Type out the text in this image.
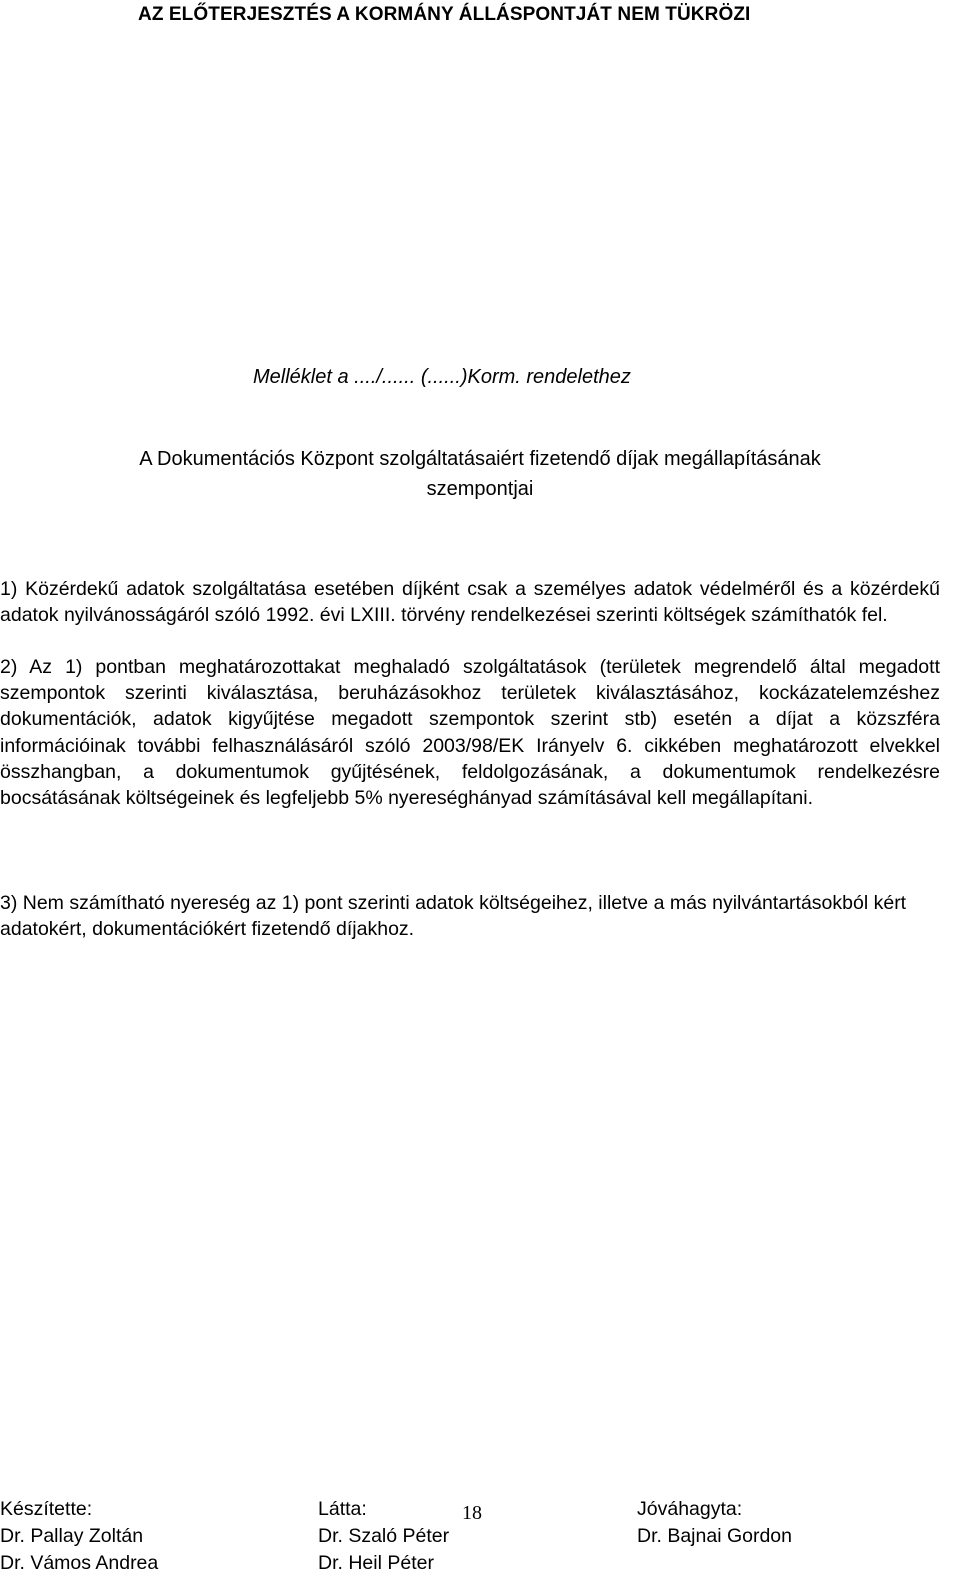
AZ ELŐTERJESZTÉS A KORMÁNY ÁLLÁSPONTJÁT NEM TÜKRÖZI
Melléklet a ..../...... (......)Korm. rendelethez
A Dokumentációs Központ szolgáltatásaiért fizetendő díjak megállapításának
szempontjai
1) Közérdekű adatok szolgáltatása esetében díjként csak a személyes adatok védelméről és a közérdekű adatok nyilvánosságáról szóló 1992. évi LXIII. törvény rendelkezései szerinti költségek számíthatók fel.
2) Az 1) pontban meghatározottakat meghaladó szolgáltatások (területek megrendelő által megadott szempontok szerinti kiválasztása, beruházásokhoz területek kiválasztásához, kockázatelemzéshez dokumentációk, adatok kigyűjtése megadott szempontok szerint stb) esetén a díjat a közszféra információinak további felhasználásáról szóló 2003/98/EK Irányelv 6. cikkében meghatározott elvekkel összhangban, a dokumentumok gyűjtésének, feldolgozásának, a dokumentumok rendelkezésre bocsátásának költségeinek és legfeljebb 5% nyereséghányad számításával kell megállapítani.
3) Nem számítható nyereség az 1) pont szerinti adatok költségeihez, illetve a más nyilvántartásokból kért adatokért, dokumentációkért fizetendő díjakhoz.
Készítette:
Dr. Pallay Zoltán
Dr. Vámos Andrea
Látta:
Dr. Szaló Péter
Dr. Heil Péter
Jóváhagyta:
Dr. Bajnai Gordon
18
